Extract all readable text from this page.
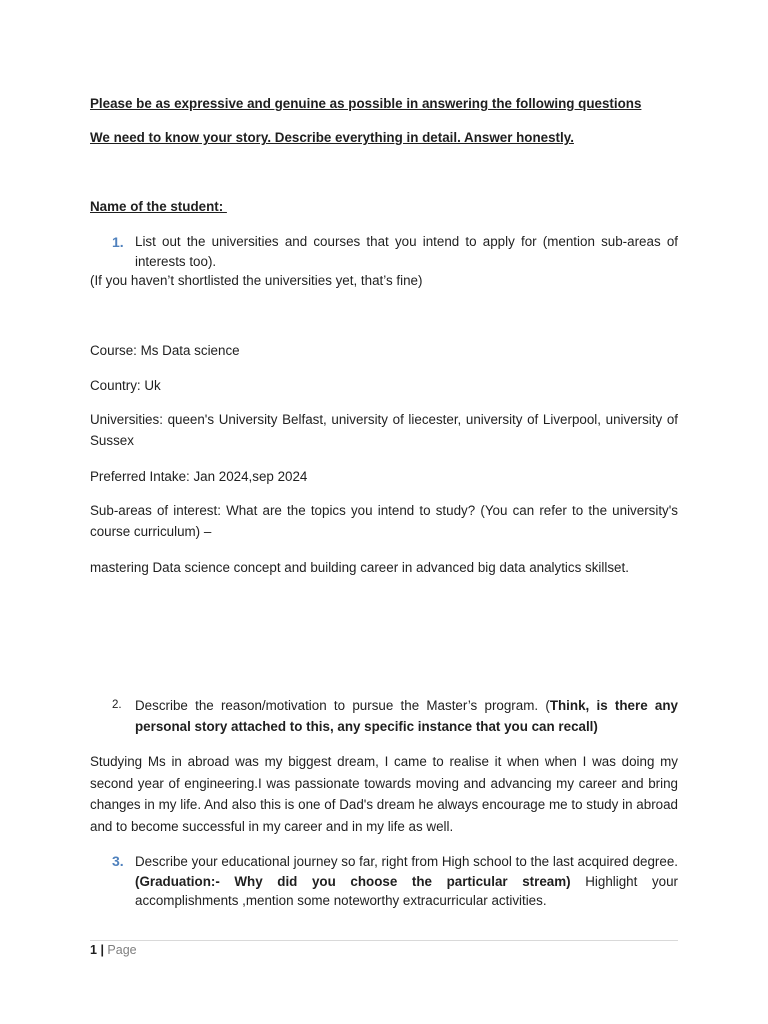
Please be as expressive and genuine as possible in answering the following questions

We need to know your story. Describe everything in detail. Answer honestly.

Name of the student:

1. List out the universities and courses that you intend to apply for (mention sub-areas of interests too).

(If you haven’t shortlisted the universities yet, that’s fine)

Course: Ms Data science

Country: Uk

Universities: queen's University Belfast, university of liecester, university of Liverpool, university of Sussex

Preferred Intake: Jan 2024,sep 2024

Sub-areas of interest: What are the topics you intend to study? (You can refer to the university's course curriculum) –

mastering Data science concept and building career in advanced big data analytics skillset.

2.	Describe the reason/motivation to pursue the Master’s program. (Think, is there any personal story attached to this, any specific instance that you can recall)

Studying Ms in abroad was my biggest dream, I came to realise it when when I was doing my second year of engineering.I was passionate towards moving and advancing my career and bring changes in my life. And also this is one of Dad's dream he always encourage me to study in abroad and to become successful in my career and in my life as well.

3. Describe your educational journey so far, right from High school to the last acquired degree. (Graduation:- Why did you choose the particular stream) Highlight your accomplishments ,mention some noteworthy extracurricular activities.
1 | Page
